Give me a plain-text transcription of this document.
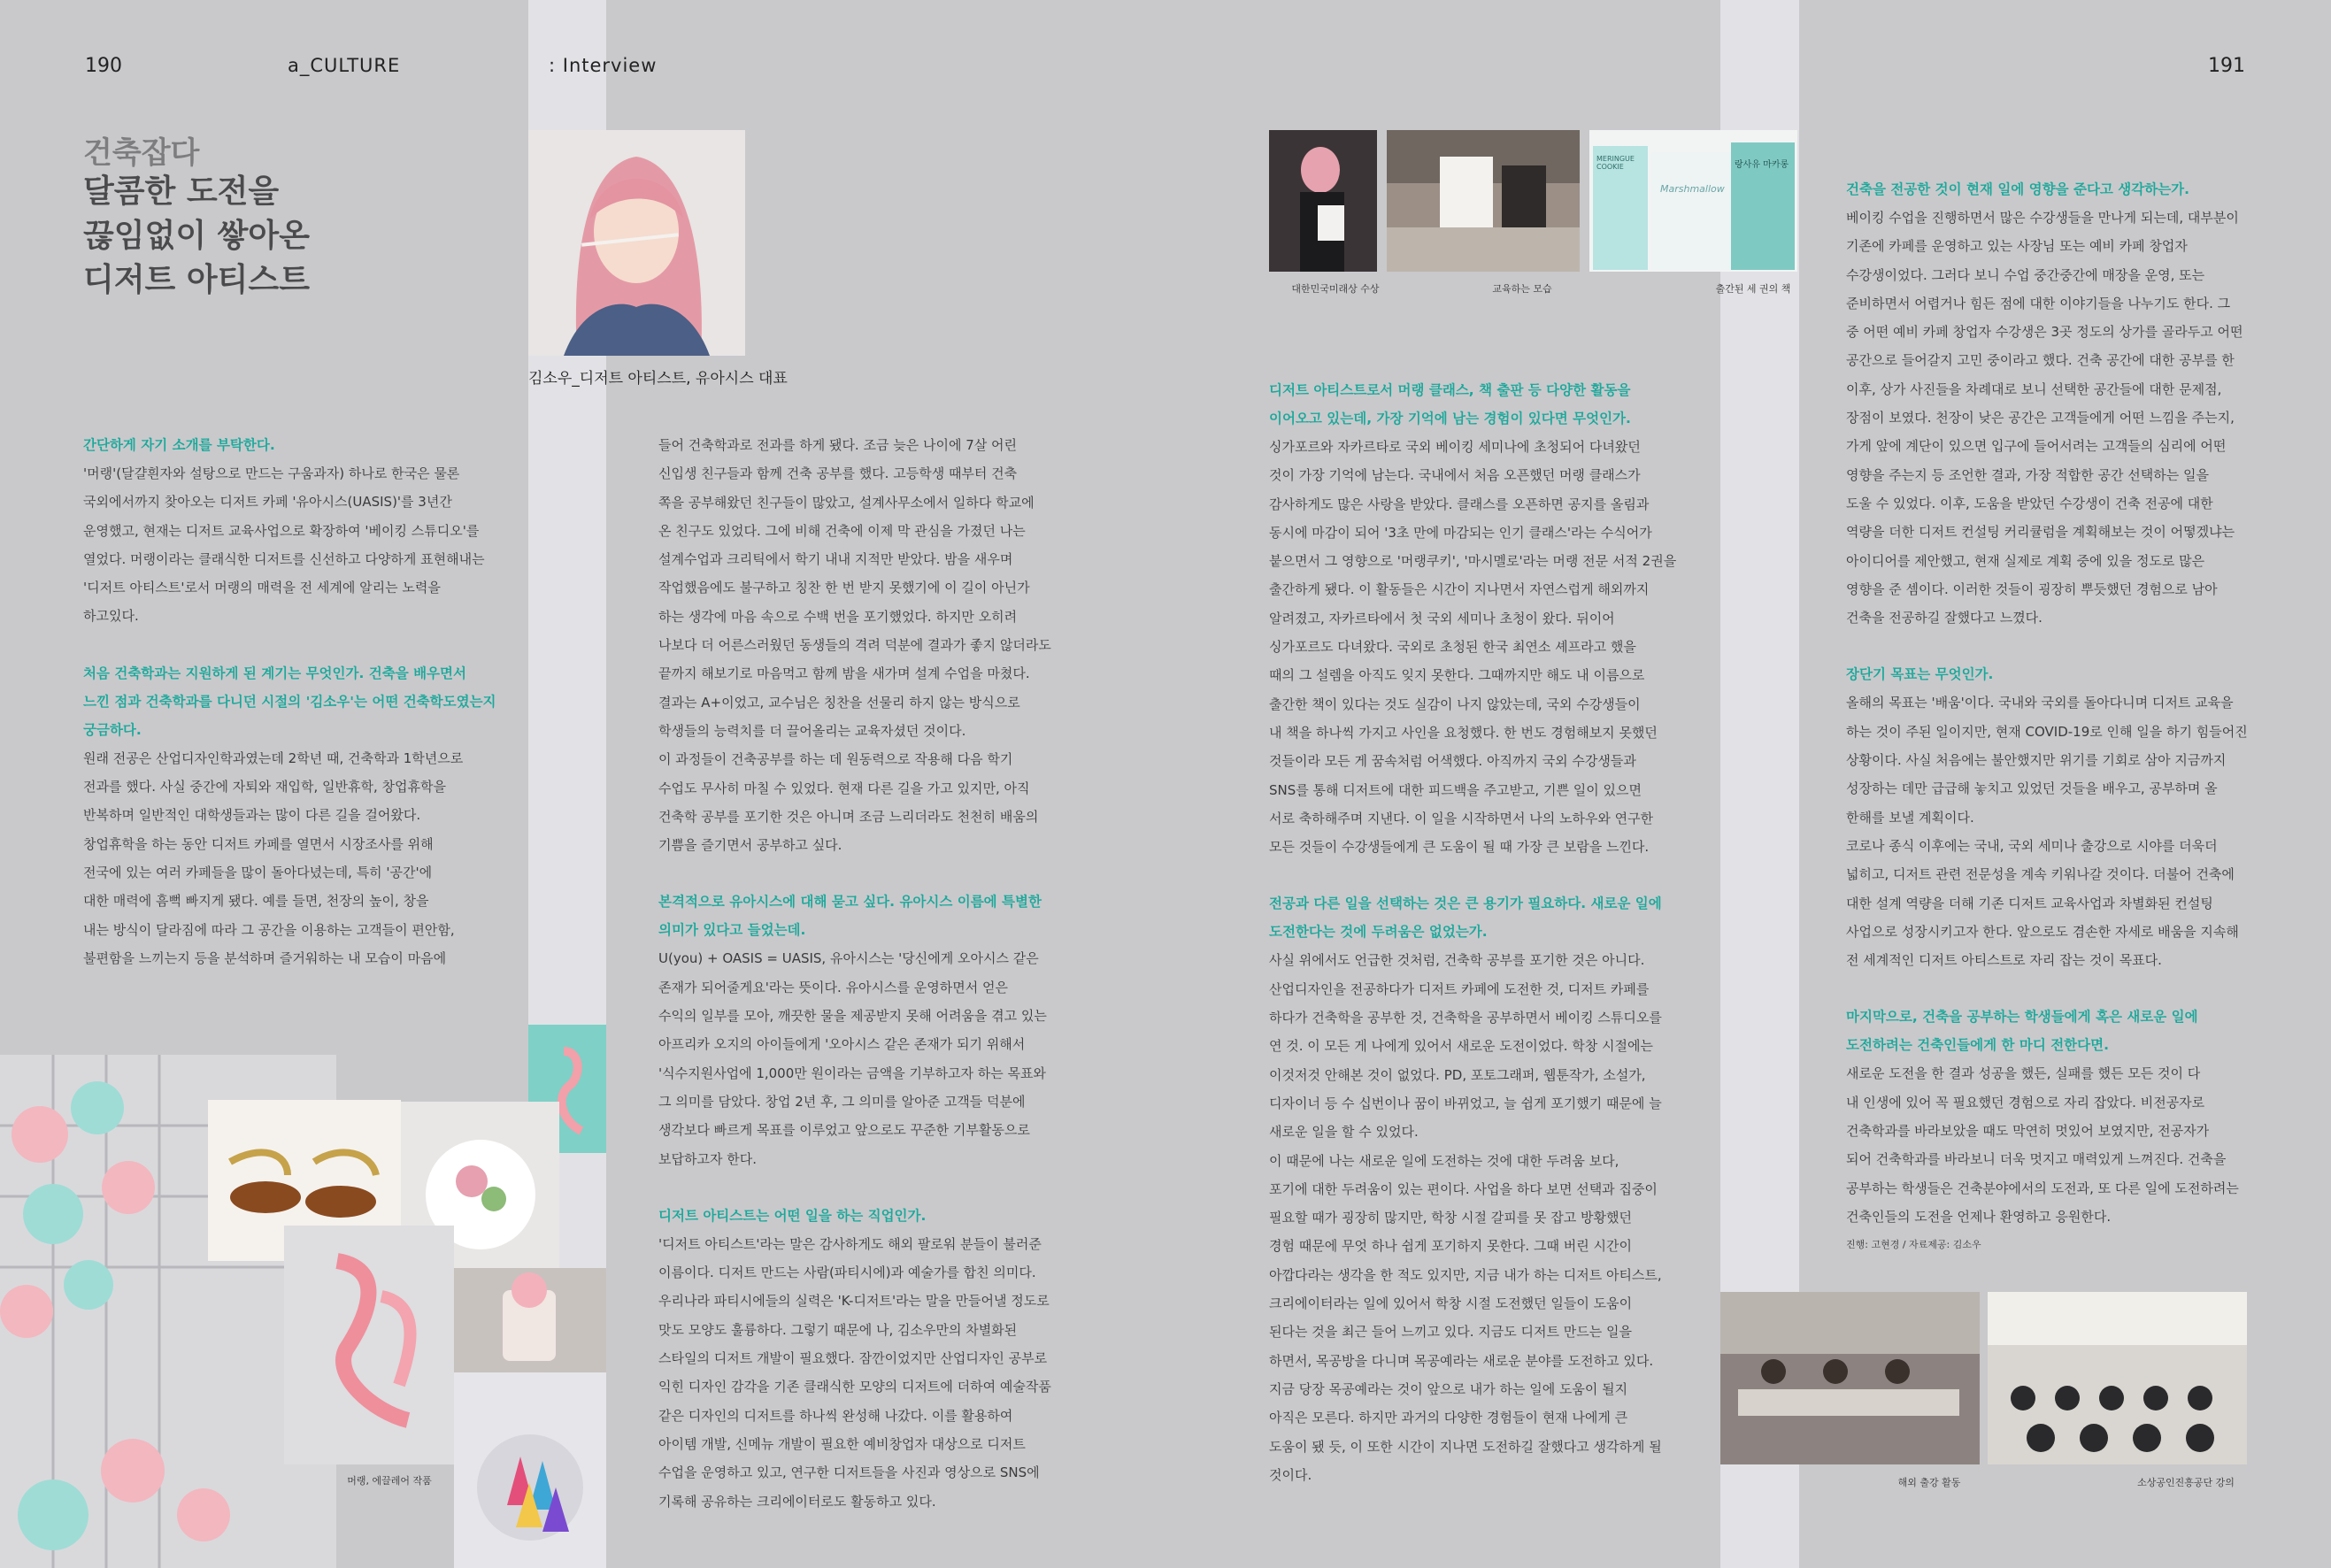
190	a_CULTURE	: Interview	191
건축잡다
달콤한 도전을
끊임없이 쌓아온
디저트 아티스트
김소우_디저트 아티스트, 유아시스 대표
MERINGUE COOKIE
Marshmallow
랑사유 마카롱
대한민국미래상 수상	교육하는 모습	출간된 세 권의 책

간단하게 자기 소개를 부탁한다.

'머랭'(달걀흰자와 설탕으로 만드는 구움과자) 하나로 한국은 물론

국외에서까지 찾아오는 디저트 카페 '유아시스(UASIS)'를 3년간

운영했고, 현재는 디저트 교육사업으로 확장하여 '베이킹 스튜디오'를

열었다. 머랭이라는 클래식한 디저트를 신선하고 다양하게 표현해내는

'디저트 아티스트'로서 머랭의 매력을 전 세계에 알리는 노력을

하고있다.

처음 건축학과는 지원하게 된 계기는 무엇인가. 건축을 배우면서

느낀 점과 건축학과를 다니던 시절의 '김소우'는 어떤 건축학도였는지

궁금하다.

원래 전공은 산업디자인학과였는데 2학년 때, 건축학과 1학년으로

전과를 했다. 사실 중간에 자퇴와 재입학, 일반휴학, 창업휴학을

반복하며 일반적인 대학생들과는 많이 다른 길을 걸어왔다.

창업휴학을 하는 동안 디저트 카페를 열면서 시장조사를 위해

전국에 있는 여러 카페들을 많이 돌아다녔는데, 특히 '공간'에

대한 매력에 흠뻑 빠지게 됐다. 예를 들면, 천장의 높이, 창을

내는 방식이 달라짐에 따라 그 공간을 이용하는 고객들이 편안함,

불편함을 느끼는지 등을 분석하며 즐거워하는 내 모습이 마음에

들어 건축학과로 전과를 하게 됐다. 조금 늦은 나이에 7살 어린

신입생 친구들과 함께 건축 공부를 했다. 고등학생 때부터 건축

쪽을 공부해왔던 친구들이 많았고, 설계사무소에서 일하다 학교에

온 친구도 있었다. 그에 비해 건축에 이제 막 관심을 가졌던 나는

설계수업과 크리틱에서 학기 내내 지적만 받았다. 밤을 새우며

작업했음에도 불구하고 칭찬 한 번 받지 못했기에 이 길이 아닌가

하는 생각에 마음 속으로 수백 번을 포기했었다. 하지만 오히려

나보다 더 어른스러웠던 동생들의 격려 덕분에 결과가 좋지 않더라도

끝까지 해보기로 마음먹고 함께 밤을 새가며 설계 수업을 마쳤다.

결과는 A+이었고, 교수님은 칭찬을 선물리 하지 않는 방식으로

학생들의 능력치를 더 끌어올리는 교육자셨던 것이다.

이 과정들이 건축공부를 하는 데 원동력으로 작용해 다음 학기

수업도 무사히 마칠 수 있었다. 현재 다른 길을 가고 있지만, 아직

건축학 공부를 포기한 것은 아니며 조금 느리더라도 천천히 배움의

기쁨을 즐기면서 공부하고 싶다.

본격적으로 유아시스에 대해 묻고 싶다. 유아시스 이름에 특별한

의미가 있다고 들었는데.

U(you) + OASIS = UASIS, 유아시스는 '당신에게 오아시스 같은

존재가 되어줄게요'라는 뜻이다. 유아시스를 운영하면서 얻은

수익의 일부를 모아, 깨끗한 물을 제공받지 못해 어려움을 겪고 있는

아프리카 오지의 아이들에게 '오아시스 같은 존재가 되기 위해서

'식수지원사업에 1,000만 원이라는 금액을 기부하고자 하는 목표와

그 의미를 담았다. 창업 2년 후, 그 의미를 알아준 고객들 덕분에

생각보다 빠르게 목표를 이루었고 앞으로도 꾸준한 기부활동으로

보답하고자 한다.

디저트 아티스트는 어떤 일을 하는 직업인가.

'디저트 아티스트'라는 말은 감사하게도 해외 팔로워 분들이 불러준

이름이다. 디저트 만드는 사람(파티시에)과 예술가를 합친 의미다.

우리나라 파티시에들의 실력은 'K-디저트'라는 말을 만들어낼 정도로

맛도 모양도 훌륭하다. 그렇기 때문에 나, 김소우만의 차별화된

스타일의 디저트 개발이 필요했다. 잠깐이었지만 산업디자인 공부로

익힌 디자인 감각을 기존 클래식한 모양의 디저트에 더하여 예술작품

같은 디자인의 디저트를 하나씩 완성해 나갔다. 이를 활용하여

아이템 개발, 신메뉴 개발이 필요한 예비창업자 대상으로 디저트

수업을 운영하고 있고, 연구한 디저트들을 사진과 영상으로 SNS에

기록해 공유하는 크리에이터로도 활동하고 있다.

디저트 아티스트로서 머랭 클래스, 책 출판 등 다양한 활동을

이어오고 있는데, 가장 기억에 남는 경험이 있다면 무엇인가.

싱가포르와 자카르타로 국외 베이킹 세미나에 초청되어 다녀왔던

것이 가장 기억에 남는다. 국내에서 처음 오픈했던 머랭 클래스가

감사하게도 많은 사랑을 받았다. 클래스를 오픈하면 공지를 올림과

동시에 마감이 되어 '3초 만에 마감되는 인기 클래스'라는 수식어가

붙으면서 그 영향으로 '머랭쿠키', '마시멜로'라는 머랭 전문 서적 2권을

출간하게 됐다. 이 활동들은 시간이 지나면서 자연스럽게 해외까지

알려졌고, 자카르타에서 첫 국외 세미나 초청이 왔다. 뒤이어

싱가포르도 다녀왔다. 국외로 초청된 한국 최연소 셰프라고 했을

때의 그 설렘을 아직도 잊지 못한다. 그때까지만 해도 내 이름으로

출간한 책이 있다는 것도 실감이 나지 않았는데, 국외 수강생들이

내 책을 하나씩 가지고 사인을 요청했다. 한 번도 경험해보지 못했던

것들이라 모든 게 꿈속처럼 어색했다. 아직까지 국외 수강생들과

SNS를 통해 디저트에 대한 피드백을 주고받고, 기쁜 일이 있으면

서로 축하해주며 지낸다. 이 일을 시작하면서 나의 노하우와 연구한

모든 것들이 수강생들에게 큰 도움이 될 때 가장 큰 보람을 느낀다.

전공과 다른 일을 선택하는 것은 큰 용기가 필요하다. 새로운 일에

도전한다는 것에 두려움은 없었는가.

사실 위에서도 언급한 것처럼, 건축학 공부를 포기한 것은 아니다.

산업디자인을 전공하다가 디저트 카페에 도전한 것, 디저트 카페를

하다가 건축학을 공부한 것, 건축학을 공부하면서 베이킹 스튜디오를

연 것. 이 모든 게 나에게 있어서 새로운 도전이었다. 학창 시절에는

이것저것 안해본 것이 없었다. PD, 포토그래퍼, 웹툰작가, 소설가,

디자이너 등 수 십번이나 꿈이 바뀌었고, 늘 쉽게 포기했기 때문에 늘

새로운 일을 할 수 있었다.

이 때문에 나는 새로운 일에 도전하는 것에 대한 두려움 보다,

포기에 대한 두려움이 있는 편이다. 사업을 하다 보면 선택과 집중이

필요할 때가 굉장히 많지만, 학창 시절 갈피를 못 잡고 방황했던

경험 때문에 무엇 하나 쉽게 포기하지 못한다. 그때 버린 시간이

아깝다라는 생각을 한 적도 있지만, 지금 내가 하는 디저트 아티스트,

크리에이터라는 일에 있어서 학창 시절 도전했던 일들이 도움이

된다는 것을 최근 들어 느끼고 있다. 지금도 디저트 만드는 일을

하면서, 목공방을 다니며 목공예라는 새로운 분야를 도전하고 있다.

지금 당장 목공예라는 것이 앞으로 내가 하는 일에 도움이 될지

아직은 모른다. 하지만 과거의 다양한 경험들이 현재 나에게 큰

도움이 됐 듯, 이 또한 시간이 지나면 도전하길 잘했다고 생각하게 될

것이다.

건축을 전공한 것이 현재 일에 영향을 준다고 생각하는가.

베이킹 수업을 진행하면서 많은 수강생들을 만나게 되는데, 대부분이

기존에 카페를 운영하고 있는 사장님 또는 예비 카페 창업자

수강생이었다. 그러다 보니 수업 중간중간에 매장을 운영, 또는

준비하면서 어렵거나 힘든 점에 대한 이야기들을 나누기도 한다. 그

중 어떤 예비 카페 창업자 수강생은 3곳 정도의 상가를 골라두고 어떤

공간으로 들어갈지 고민 중이라고 했다. 건축 공간에 대한 공부를 한

이후, 상가 사진들을 차례대로 보니 선택한 공간들에 대한 문제점,

장점이 보였다. 천장이 낮은 공간은 고객들에게 어떤 느낌을 주는지,

가게 앞에 계단이 있으면 입구에 들어서려는 고객들의 심리에 어떤

영향을 주는지 등 조언한 결과, 가장 적합한 공간 선택하는 일을

도울 수 있었다. 이후, 도움을 받았던 수강생이 건축 전공에 대한

역량을 더한 디저트 컨설팅 커리큘럼을 계획해보는 것이 어떻겠냐는

아이디어를 제안했고, 현재 실제로 계획 중에 있을 정도로 많은

영향을 준 셈이다. 이러한 것들이 굉장히 뿌듯했던 경험으로 남아

건축을 전공하길 잘했다고 느꼈다.

장단기 목표는 무엇인가.

올해의 목표는 '배움'이다. 국내와 국외를 돌아다니며 디저트 교육을

하는 것이 주된 일이지만, 현재 COVID-19로 인해 일을 하기 힘들어진

상황이다. 사실 처음에는 불안했지만 위기를 기회로 삼아 지금까지

성장하는 데만 급급해 놓치고 있었던 것들을 배우고, 공부하며 올

한해를 보낼 계획이다.

코로나 종식 이후에는 국내, 국외 세미나 출강으로 시야를 더욱더

넓히고, 디저트 관련 전문성을 계속 키워나갈 것이다. 더불어 건축에

대한 설계 역량을 더해 기존 디저트 교육사업과 차별화된 컨설팅

사업으로 성장시키고자 한다. 앞으로도 겸손한 자세로 배움을 지속해

전 세계적인 디저트 아티스트로 자리 잡는 것이 목표다.

마지막으로, 건축을 공부하는 학생들에게 혹은 새로운 일에

도전하려는 건축인들에게 한 마디 전한다면.

새로운 도전을 한 결과 성공을 했든, 실패를 했든 모든 것이 다

내 인생에 있어 꼭 필요했던 경험으로 자리 잡았다. 비전공자로

건축학과를 바라보았을 때도 막연히 멋있어 보였지만, 전공자가

되어 건축학과를 바라보니 더욱 멋지고 매력있게 느껴진다. 건축을

공부하는 학생들은 건축분야에서의 도전과, 또 다른 일에 도전하려는

건축인들의 도전을 언제나 환영하고 응원한다.

진행: 고현경 / 자료제공: 김소우

머랭, 에끌레어 작품	해외 출강 활동	소상공인진흥공단 강의
